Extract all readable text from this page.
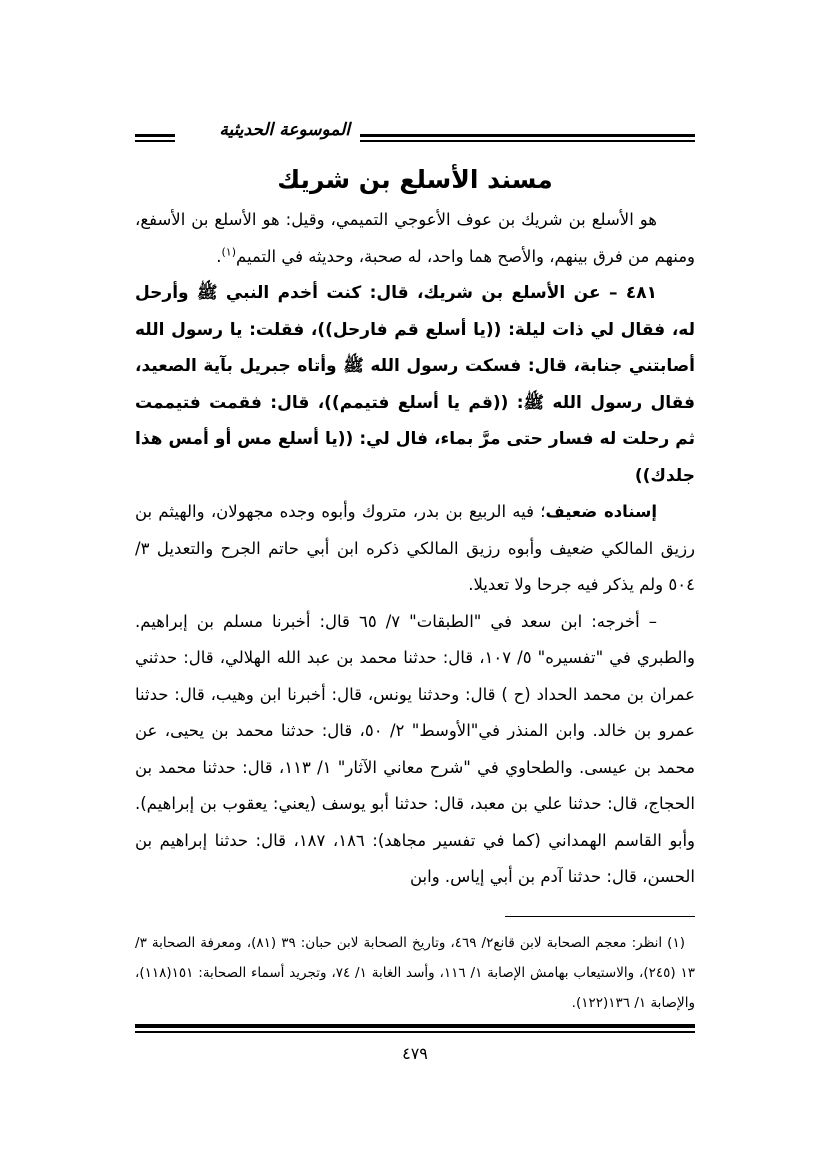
الموسوعة الحديثية
مسند الأسلع بن شريك

هو الأسلع بن شريك بن عوف الأعوجي التميمي، وقيل: هو الأسلع بن الأسفع، ومنهم من فرق بينهم، والأصح هما واحد، له صحبة، وحديثه في التميم$^{(١)}$.

٤٨١ – عن الأسلع بن شريك، قال: كنت أخدم النبي ﷺ وأرحل له، فقال لي ذات ليلة: ((يا أسلع قم فارحل))، فقلت: يا رسول الله أصابتني جنابة، قال: فسكت رسول الله ﷺ وأتاه جبريل بآية الصعيد، فقال رسول الله ﷺ: ((قم يا أسلع فتيمم))، قال: فقمت فتيممت ثم رحلت له فسار حتى مرَّ بماء، فال لي: ((يا أسلع مس أو أمس هذا جلدك))

إسناده ضعيف؛ فيه الربيع بن بدر، متروك وأبوه وجده مجهولان، والهيثم بن رزيق المالكي ضعيف وأبوه رزيق المالكي ذكره ابن أبي حاتم الجرح والتعديل ٣/ ٥٠٤ ولم يذكر فيه جرحا ولا تعديلا.

– أخرجه: ابن سعد في "الطبقات" ٧/ ٦٥ قال: أخبرنا مسلم بن إبراهيم. والطبري في "تفسيره" ٥/ ١٠٧، قال: حدثنا محمد بن عبد الله الهلالي، قال: حدثني عمران بن محمد الحداد (ح ) قال: وحدثنا يونس، قال: أخبرنا ابن وهيب، قال: حدثنا عمرو بن خالد. وابن المنذر في"الأوسط" ٢/ ٥٠، قال: حدثنا محمد بن يحيى، عن محمد بن عيسى. والطحاوي في "شرح معاني الآثار" ١/ ١١٣، قال: حدثنا محمد بن الحجاج، قال: حدثنا علي بن معبد، قال: حدثنا أبو يوسف (يعني: يعقوب بن إبراهيم). وأبو القاسم الهمداني (كما في تفسير مجاهد): ١٨٦، ١٨٧، قال: حدثنا إبراهيم بن الحسن، قال: حدثنا آدم بن أبي إياس. وابن

(١) انظر: معجم الصحابة لابن قانع٢/ ٤٦٩، وتاريخ الصحابة لابن حبان: ٣٩ (٨١)، ومعرفة الصحابة ٣/ ١٣ (٢٤٥)، والاستيعاب بهامش الإصابة ١/ ١١٦، وأسد الغابة ١/ ٧٤، وتجريد أسماء الصحابة: ١٥١(١١٨)، والإصابة ١/ ١٣٦(١٢٢).

٤٧٩
